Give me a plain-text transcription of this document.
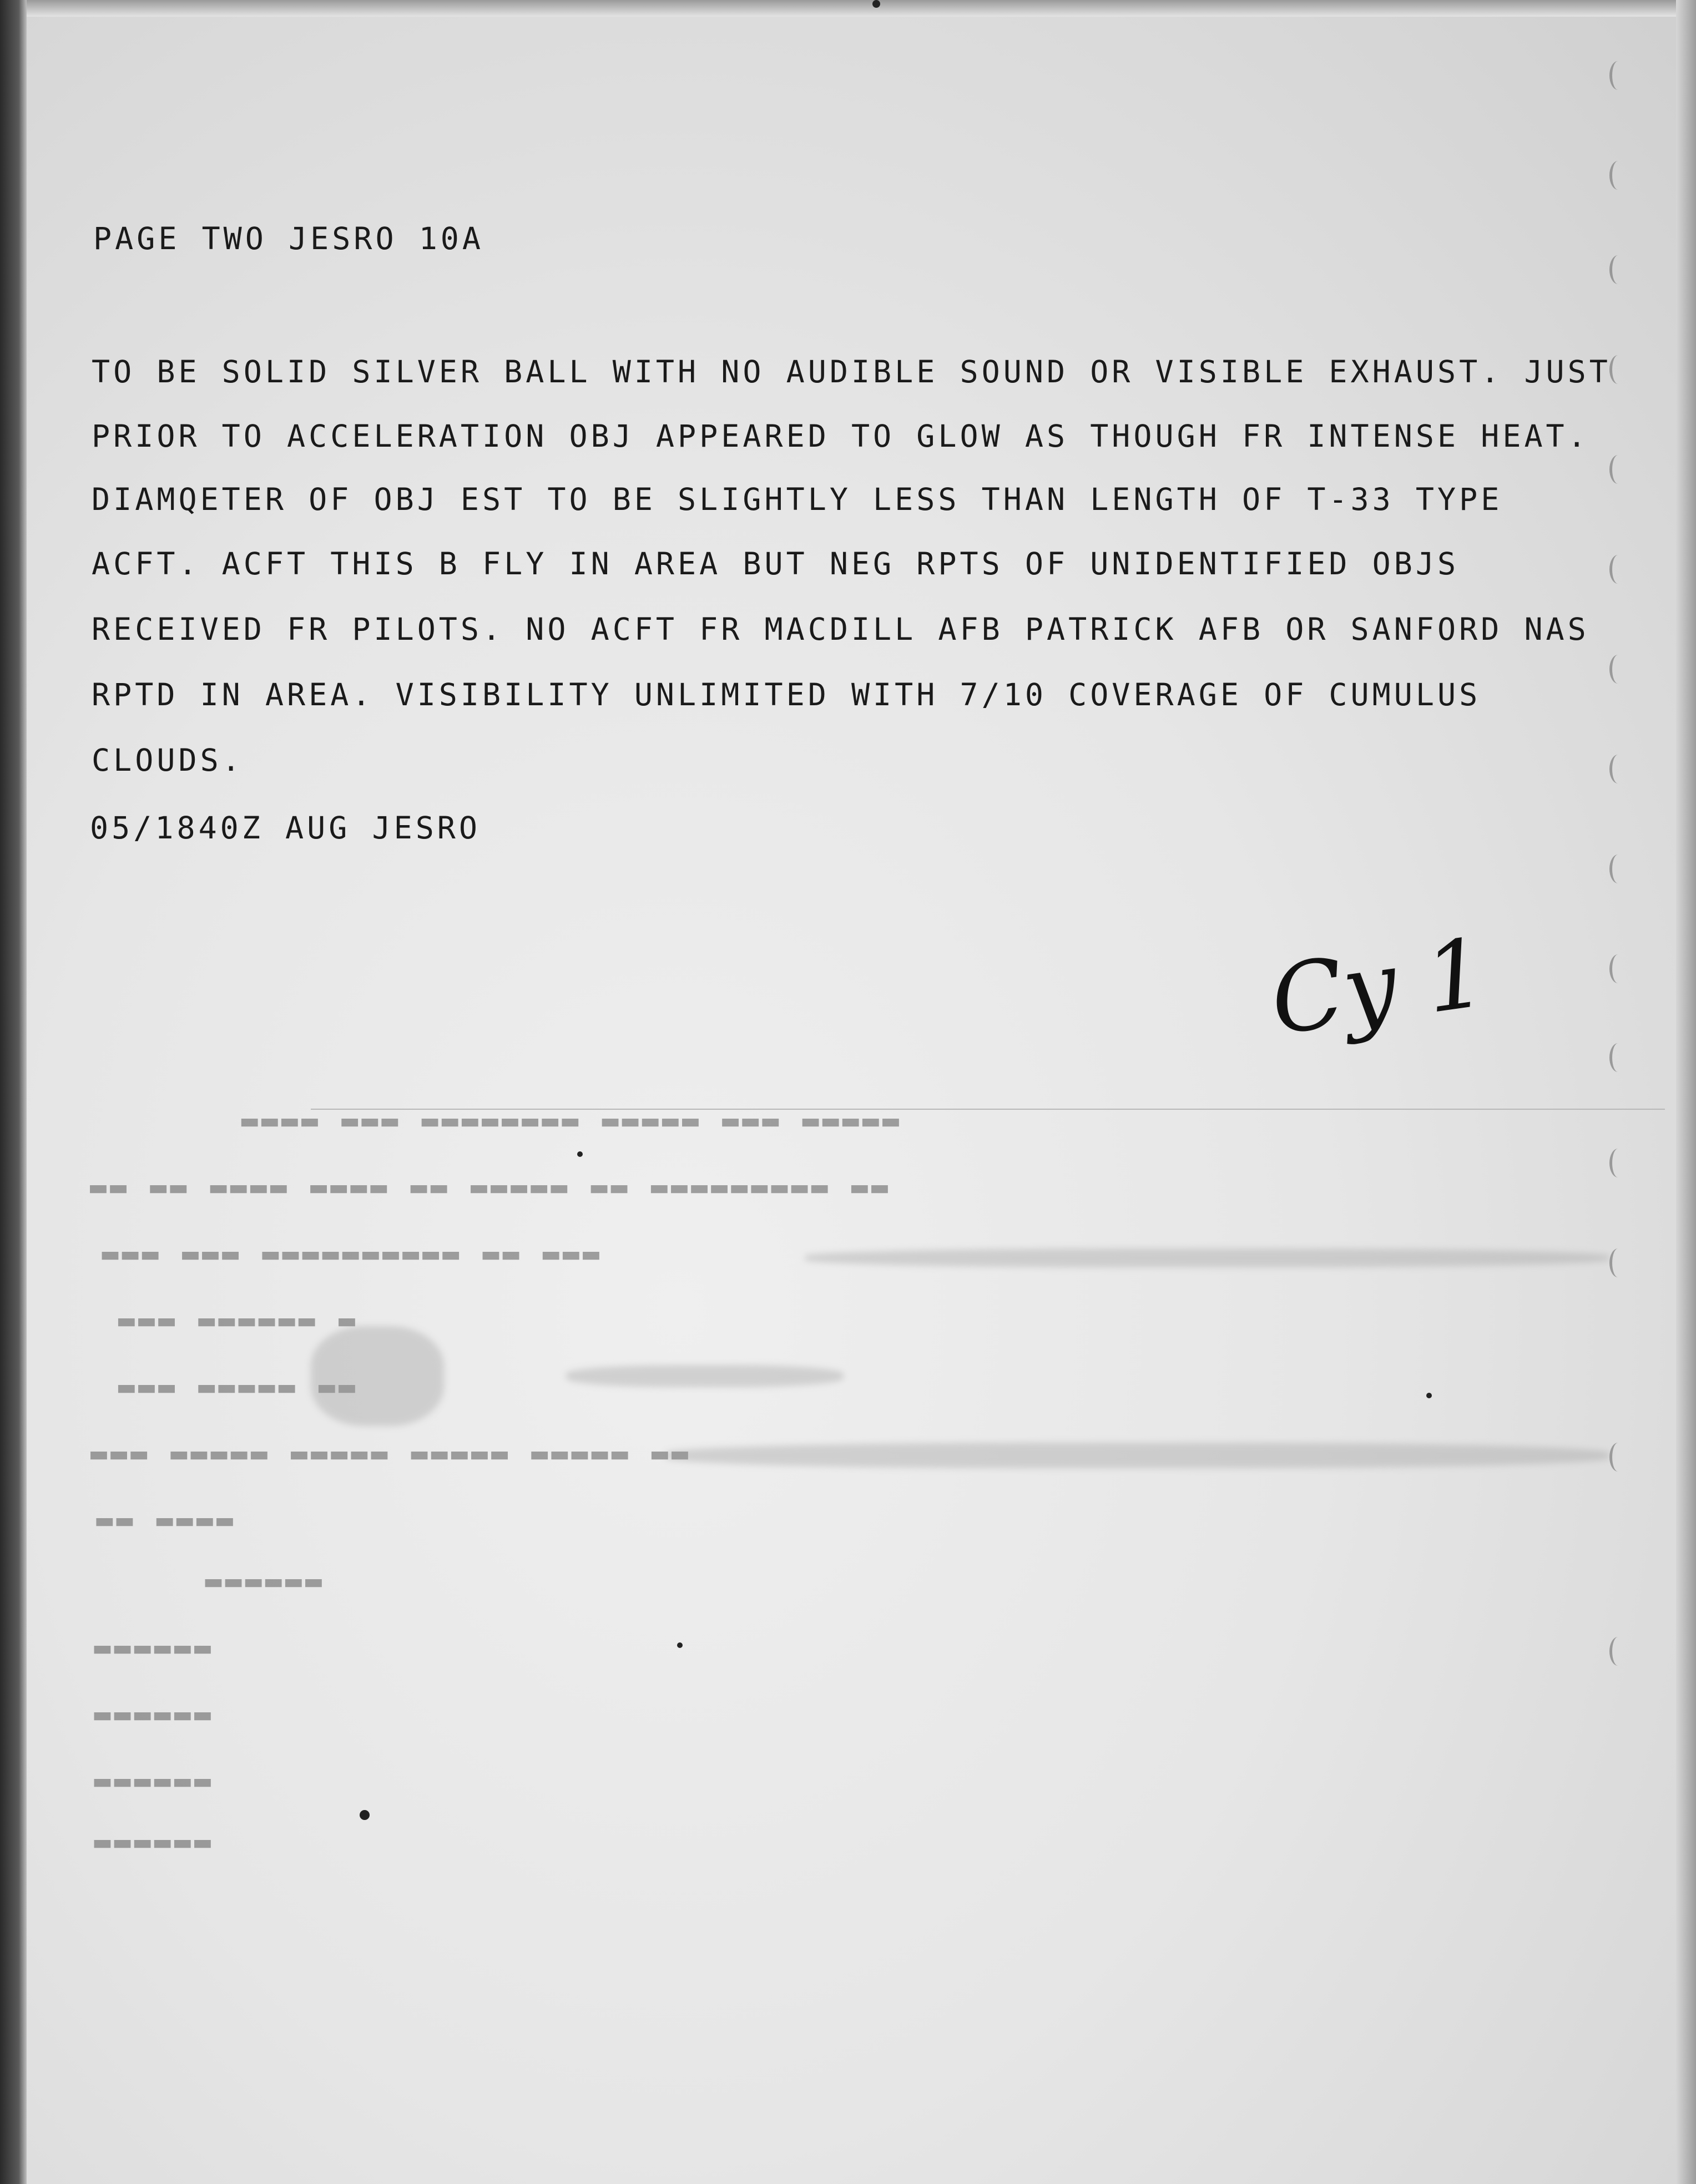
PAGE TWO JESRO 10A
TO BE SOLID SILVER BALL WITH NO AUDIBLE SOUND OR VISIBLE EXHAUST. JUST
PRIOR TO ACCELERATION OBJ APPEARED TO GLOW AS THOUGH FR INTENSE HEAT.
DIAMQETER OF OBJ EST TO BE SLIGHTLY LESS THAN LENGTH OF T-33 TYPE
ACFT. ACFT THIS B FLY IN AREA BUT NEG RPTS OF UNIDENTIFIED OBJS
RECEIVED FR PILOTS. NO ACFT FR MACDILL AFB PATRICK AFB OR SANFORD NAS
RPTD IN AREA. VISIBILITY UNLIMITED WITH 7/10 COVERAGE OF CUMULUS
CLOUDS.
05/1840Z AUG JESRO
Cy 1
▬▬▬▬▬ ▬▬▬ ▬▬▬▬▬ ▬▬▬▬▬▬▬▬ ▬▬▬ ▬▬▬▬
▬▬ ▬▬▬▬▬▬▬▬▬ ▬▬ ▬▬▬▬▬ ▬▬ ▬▬▬▬ ▬▬▬▬ ▬▬ ▬▬
▬▬▬ ▬▬ ▬▬▬▬▬▬▬▬▬▬ ▬▬▬ ▬▬▬
▬ ▬▬▬▬▬▬ ▬▬▬
▬▬ ▬▬▬▬▬ ▬▬▬
▬▬ ▬▬▬▬▬ ▬▬▬▬▬ ▬▬▬▬▬ ▬▬▬▬▬ ▬▬▬
▬▬▬▬ ▬▬
▬▬▬▬▬▬
▬▬▬▬▬▬
▬▬▬▬▬▬
▬▬▬▬▬▬
▬▬▬▬▬▬
